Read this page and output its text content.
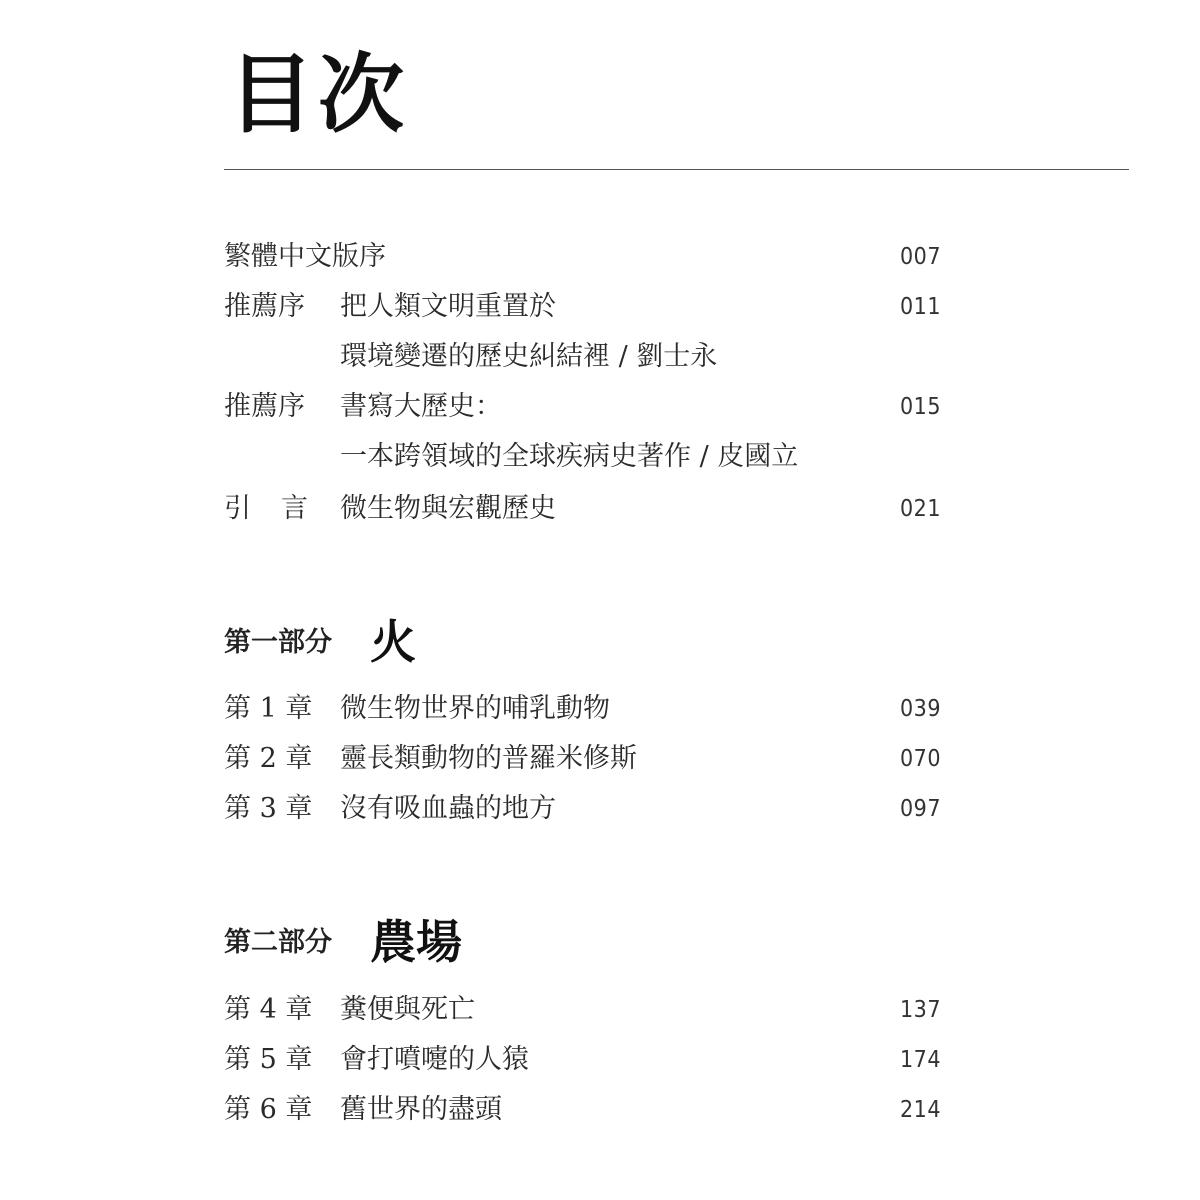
目次
繁體中文版序	007
推薦序 把人類文明重置於	011
環境變遷的歷史糾結裡 / 劉士永
推薦序 書寫大歷史：	015
一本跨領域的全球疾病史著作 / 皮國立
引言 微生物與宏觀歷史	021
第一部分 火
第 1 章 微生物世界的哺乳動物	039
第 2 章 靈長類動物的普羅米修斯	070
第 3 章 沒有吸血蟲的地方	097
第二部分 農場
第 4 章 糞便與死亡	137
第 5 章 會打噴嚏的人猿	174
第 6 章 舊世界的盡頭	214
